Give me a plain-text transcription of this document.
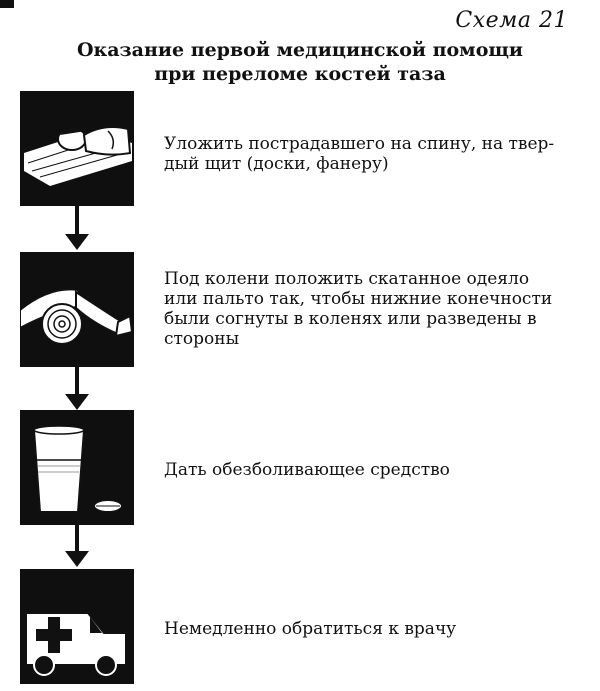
Схема 21
Оказание первой медицинской помощи
при переломе костей таза
Уложить пострадавшего на спину, на твер-
дый щит (доски, фанеру)
Под колени положить скатанное одеяло
или пальто так, чтобы нижние конечности
были согнуты в коленях или разведены в
стороны
Дать обезболивающее средство
Немедленно обратиться к врачу
